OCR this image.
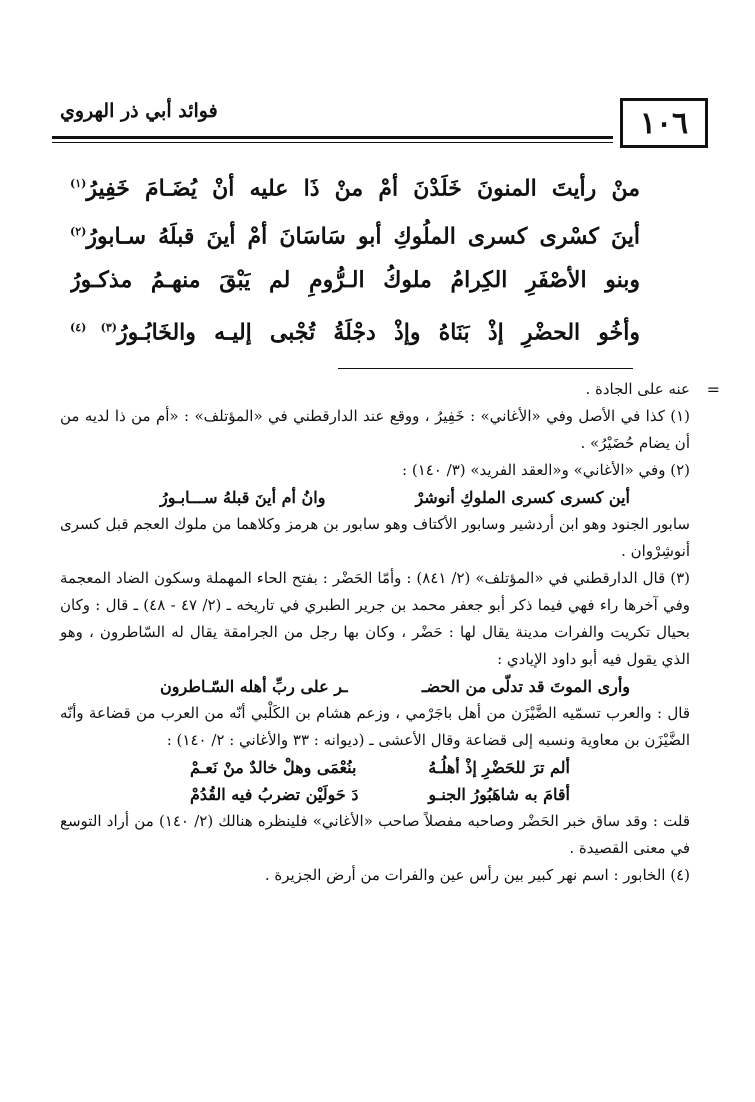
١٠٦
فوائد أبي ذر الهروي
منْ رأيتَ المنونَ خَلَدْنَ أمْ منْ ذَا عليه أنْ يُضَـامَ خَفِيرُ$^{(١)}$
أينَ كسْرى كسرى الملُوكِ أبو سَاسَانَ أمْ أينَ قبلَهُ سـابورُ$^{(٢)}$
وبنو الأصْفَرِ الكِرامُ ملوكُ الـرُّومِ لم يَبْقَ منهـمُ مذكـورُ
وأخُو الحضْرِ إذْ بَنَاهُ وإذْ دجْلَةُ تُجْبى إليـه والخَابُـورُ$^{(٣) (٤)}$
=

عنه على الجادة .

(١) كذا في الأصل وفي «الأغاني» : خَفِيرُ ، ووقع عند الدارقطني في «المؤتلف» : «أم من ذا لديه من أن يضام حُضَيْرُ» .

(٢) وفي «الأغاني» و«العقد الفريد» (٣/ ١٤٠) :

أين كسرى كسرى الملوكِ أنوشرْ
وانُ أم أينَ قبلهُ ســـابـورُ

سابور الجنود وهو ابن أردشير وسابور الأكتاف وهو سابور بن هرمز وكلاهما من ملوك العجم قبل كسرى أنوشِرْوان .

(٣) قال الدارقطني في «المؤتلف» (٢/ ٨٤١) : وأمّا الحَضْر : بفتح الحاء المهملة وسكون الضاد المعجمة وفي آخرها راء فهي فيما ذكر أبو جعفر محمد بن جرير الطبري في تاريخه ـ (٢/ ٤٧ - ٤٨) ـ قال : وكان بحيال تكريت والفرات مدينة يقال لها : حَضْر ، وكان بها رجل من الجرامقة يقال له السّاطرون ، وهو الذي يقول فيه أبو داود الإيادي :

وأرى الموتَ قد تدلّى من الحضـ
ـر على ربِّ أهله السّـاطرون

قال : والعرب تسمّيه الضَّيْزَن من أهل باجَرْمي ، وزعم هشام بن الكَلْبي أنّه من العرب من قضاعة وأنّه الضَّيْزَن بن معاوية ونسبه إلى قضاعة وقال الأعشى ـ (ديوانه : ٣٣ والأغاني : ٢/ ١٤٠) :

ألم ترَ للحَضْرِ إذْ أهلُـهُ
بنُعْمَى وهلْ خالدٌ منْ نَعـمْ
أقامَ به شاهَبُورُ الجنـو
دَ حَولَيْن تضربُ فيه القُدُمْ

قلت : وقد ساق خبر الحَضْر وصاحبه مفصلاً صاحب «الأغاني» فلينظره هنالك (٢/ ١٤٠) من أراد التوسع في معنى القصيدة .

(٤) الخابور : اسم نهر كبير بين رأس عين والفرات من أرض الجزيرة .
